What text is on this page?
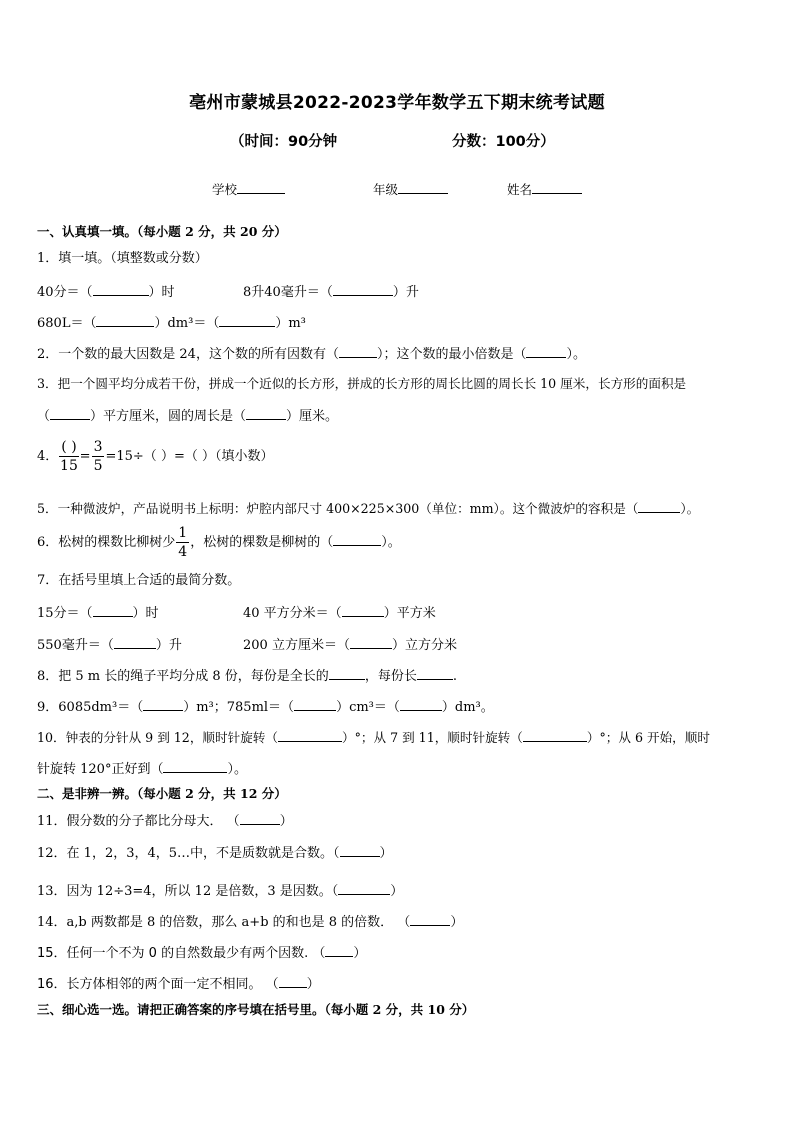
亳州市蒙城县2022-2023学年数学五下期末统考试题
（时间：90分钟	分数：100分）
学校	年级	姓名
一、认真填一填。（每小题 2 分，共 20 分）
1．填一填。（填整数或分数）
40分＝（	）时	8升40毫升＝（	）升
680L＝（	）dm³＝（	）m³
2．一个数的最大因数是 24，这个数的所有因数有（	）；这个数的最小倍数是（	）。
3．把一个圆平均分成若干份，拼成一个近似的长方形，拼成的长方形的周长比圆的周长长 10 厘米，长方形的面积是
（	）平方厘米，圆的周长是（	）厘米。
4． $\frac{( )}{15} = \frac{3}{5} =15\div$（ ）=（ ）（填小数）
5．一种微波炉，产品说明书上标明：炉腔内部尺寸 400×225×300（单位：mm）。这个微波炉的容积是（	）。
6．松树的棵数比柳树少 $\frac{1}{4}$ ，松树的棵数是柳树的（	）。
7．在括号里填上合适的最简分数。
15分＝（	）时	40 平方分米＝（	）平方米
550毫升＝（	）升	200 立方厘米＝（	）立方分米
8．把 5 m 长的绳子平均分成 8 份，每份是全长的	，每份长	.
9．6085dm³＝（	）m³；785ml＝（	）cm³＝（	）dm³。
10．钟表的分针从 9 到 12，顺时针旋转（	）°；从 7 到 11，顺时针旋转（	）°；从 6 开始，顺时
针旋转 120°正好到（	）。
二、是非辨一辨。（每小题 2 分，共 12 分）
11．假分数的分子都比分母大． （	）
12．在 1，2，3，4，5…中，不是质数就是合数。（	）
13．因为 12÷3=4，所以 12 是倍数，3 是因数。（	）
14．a,b 两数都是 8 的倍数，那么 a+b 的和也是 8 的倍数． （	）
15．任何一个不为 0 的自然数最少有两个因数. （ ）
16．长方体相邻的两个面一定不相同。 （ ）
三、细心选一选。请把正确答案的序号填在括号里。（每小题 2 分，共 10 分）
